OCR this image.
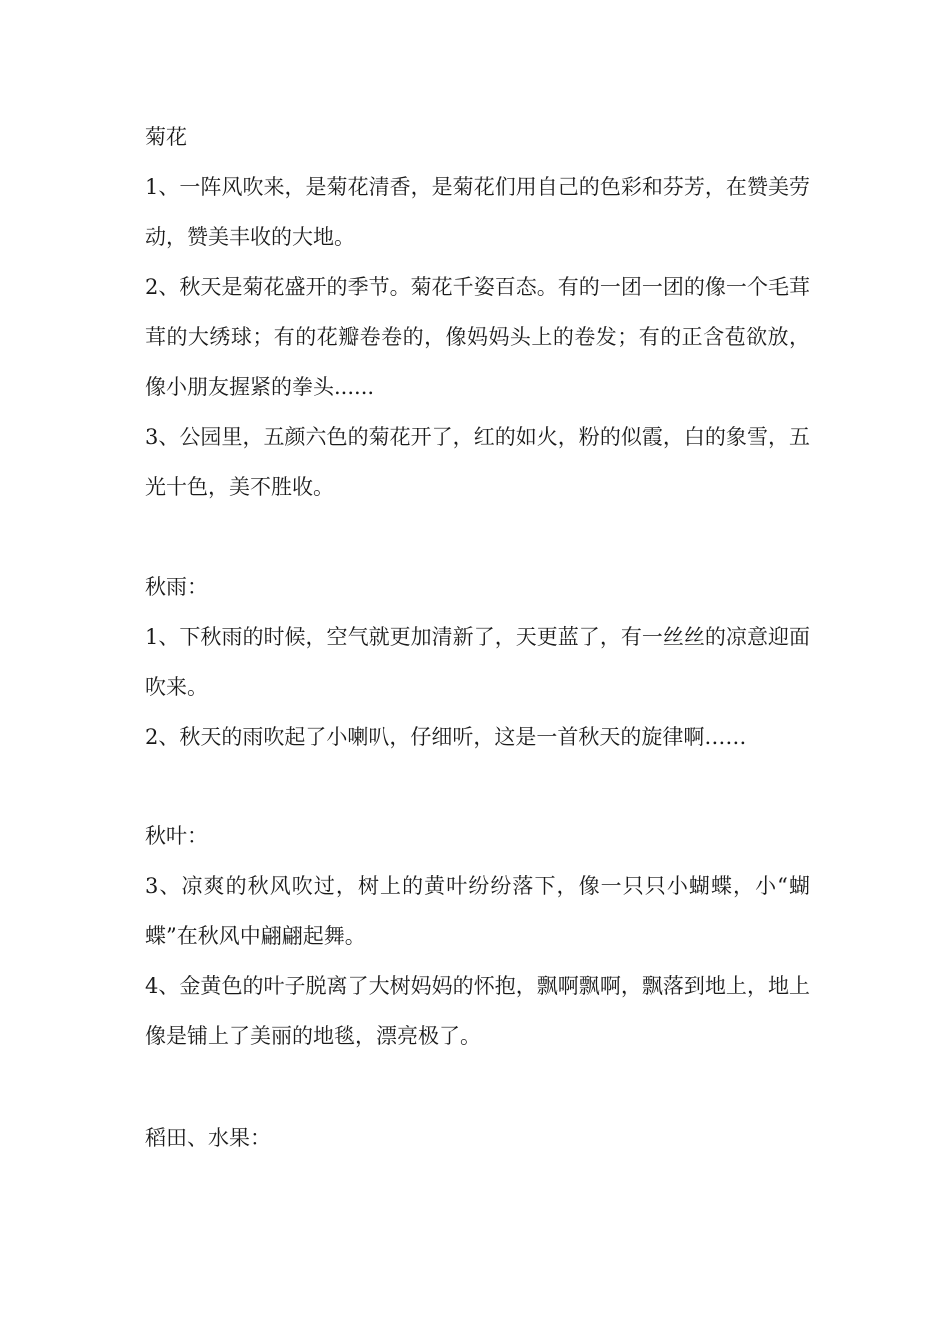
菊花

1、一阵风吹来，是菊花清香，是菊花们用自己的色彩和芬芳，在赞美劳动，赞美丰收的大地。

2、秋天是菊花盛开的季节。菊花千姿百态。有的一团一团的像一个毛茸茸的大绣球；有的花瓣卷卷的，像妈妈头上的卷发；有的正含苞欲放，像小朋友握紧的拳头......

3、公园里，五颜六色的菊花开了，红的如火，粉的似霞，白的象雪，五光十色，美不胜收。

秋雨：

1、下秋雨的时候，空气就更加清新了，天更蓝了，有一丝丝的凉意迎面吹来。

2、秋天的雨吹起了小喇叭，仔细听，这是一首秋天的旋律啊……

秋叶：

3、凉爽的秋风吹过，树上的黄叶纷纷落下，像一只只小蝴蝶，小“蝴蝶”在秋风中翩翩起舞。

4、金黄色的叶子脱离了大树妈妈的怀抱，飘啊飘啊，飘落到地上，地上像是铺上了美丽的地毯，漂亮极了。

稻田、水果：
